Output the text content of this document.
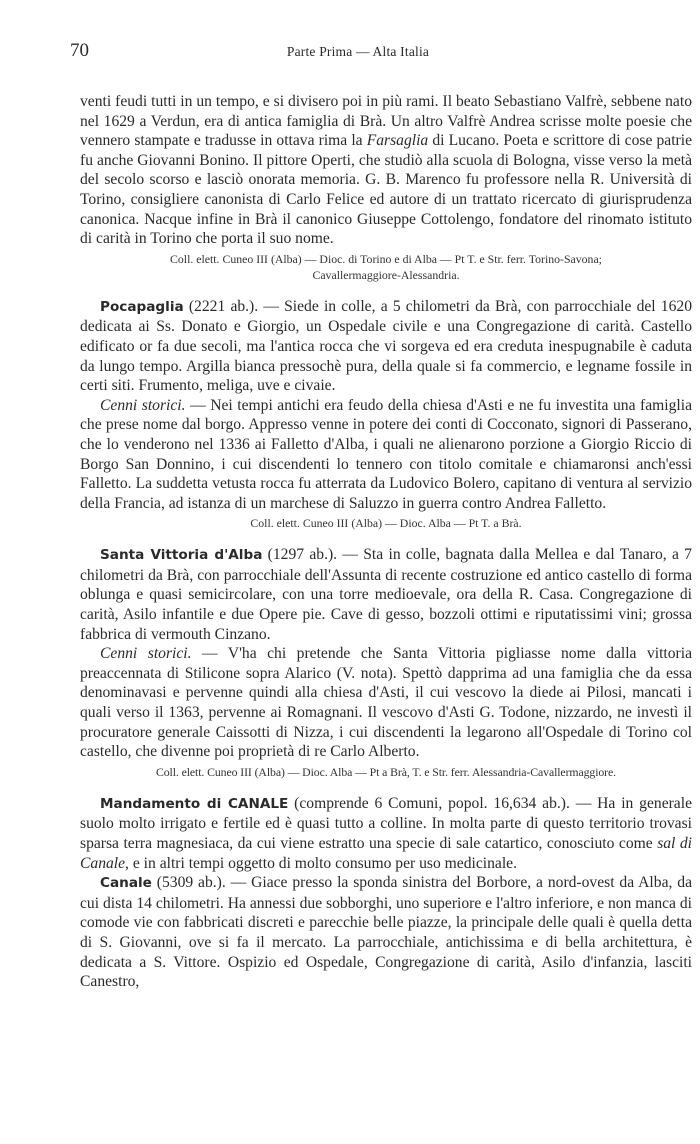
70	Parte Prima — Alta Italia

venti feudi tutti in un tempo, e si divisero poi in più rami. Il beato Sebastiano Valfrè, sebbene nato nel 1629 a Verdun, era di antica famiglia di Brà. Un altro Valfrè Andrea scrisse molte poesie che vennero stampate e tradusse in ottava rima la Farsaglia di Lucano. Poeta e scrittore di cose patrie fu anche Giovanni Bonino. Il pittore Operti, che studiò alla scuola di Bologna, visse verso la metà del secolo scorso e lasciò onorata memoria. G. B. Marenco fu professore nella R. Università di Torino, consigliere canonista di Carlo Felice ed autore di un trattato ricercato di giurisprudenza canonica. Nacque infine in Brà il canonico Giuseppe Cottolengo, fondatore del rinomato istituto di carità in Torino che porta il suo nome.

Coll. elett. Cuneo III (Alba) — Dioc. di Torino e di Alba — Pt T. e Str. ferr. Torino-Savona;
Cavallermaggiore-Alessandria.

Pocapaglia (2221 ab.). — Siede in colle, a 5 chilometri da Brà, con parrocchiale del 1620 dedicata ai Ss. Donato e Giorgio, un Ospedale civile e una Congregazione di carità. Castello edificato or fa due secoli, ma l'antica rocca che vi sorgeva ed era creduta inespugnabile è caduta da lungo tempo. Argilla bianca pressochè pura, della quale si fa commercio, e legname fossile in certi siti. Frumento, meliga, uve e civaie.

Cenni storici. — Nei tempi antichi era feudo della chiesa d'Asti e ne fu investita una famiglia che prese nome dal borgo. Appresso venne in potere dei conti di Cocconato, signori di Passerano, che lo venderono nel 1336 ai Falletto d'Alba, i quali ne alienarono porzione a Giorgio Riccio di Borgo San Donnino, i cui discendenti lo tennero con titolo comitale e chiamaronsi anch'essi Falletto. La suddetta vetusta rocca fu atterrata da Ludovico Bolero, capitano di ventura al servizio della Francia, ad istanza di un marchese di Saluzzo in guerra contro Andrea Falletto.

Coll. elett. Cuneo III (Alba) — Dioc. Alba — Pt T. a Brà.

Santa Vittoria d'Alba (1297 ab.). — Sta in colle, bagnata dalla Mellea e dal Tanaro, a 7 chilometri da Brà, con parrocchiale dell'Assunta di recente costruzione ed antico castello di forma oblunga e quasi semicircolare, con una torre medioevale, ora della R. Casa. Congregazione di carità, Asilo infantile e due Opere pie. Cave di gesso, bozzoli ottimi e riputatissimi vini; grossa fabbrica di vermouth Cinzano.

Cenni storici. — V'ha chi pretende che Santa Vittoria pigliasse nome dalla vittoria preaccennata di Stilicone sopra Alarico (V. nota). Spettò dapprima ad una famiglia che da essa denominavasi e pervenne quindi alla chiesa d'Asti, il cui vescovo la diede ai Pilosi, mancati i quali verso il 1363, pervenne ai Romagnani. Il vescovo d'Asti G. Todone, nizzardo, ne investì il procuratore generale Caissotti di Nizza, i cui discendenti la legarono all'Ospedale di Torino col castello, che divenne poi proprietà di re Carlo Alberto.

Coll. elett. Cuneo III (Alba) — Dioc. Alba — Pt a Brà, T. e Str. ferr. Alessandria-Cavallermaggiore.

Mandamento di CANALE (comprende 6 Comuni, popol. 16,634 ab.). — Ha in generale suolo molto irrigato e fertile ed è quasi tutto a colline. In molta parte di questo territorio trovasi sparsa terra magnesiaca, da cui viene estratto una specie di sale catartico, conosciuto come sal di Canale, e in altri tempi oggetto di molto consumo per uso medicinale.

Canale (5309 ab.). — Giace presso la sponda sinistra del Borbore, a nord-ovest da Alba, da cui dista 14 chilometri. Ha annessi due sobborghi, uno superiore e l'altro inferiore, e non manca di comode vie con fabbricati discreti e parecchie belle piazze, la principale delle quali è quella detta di S. Giovanni, ove si fa il mercato. La parrocchiale, antichissima e di bella architettura, è dedicata a S. Vittore. Ospizio ed Ospedale, Congregazione di carità, Asilo d'infanzia, lasciti Canestro,
